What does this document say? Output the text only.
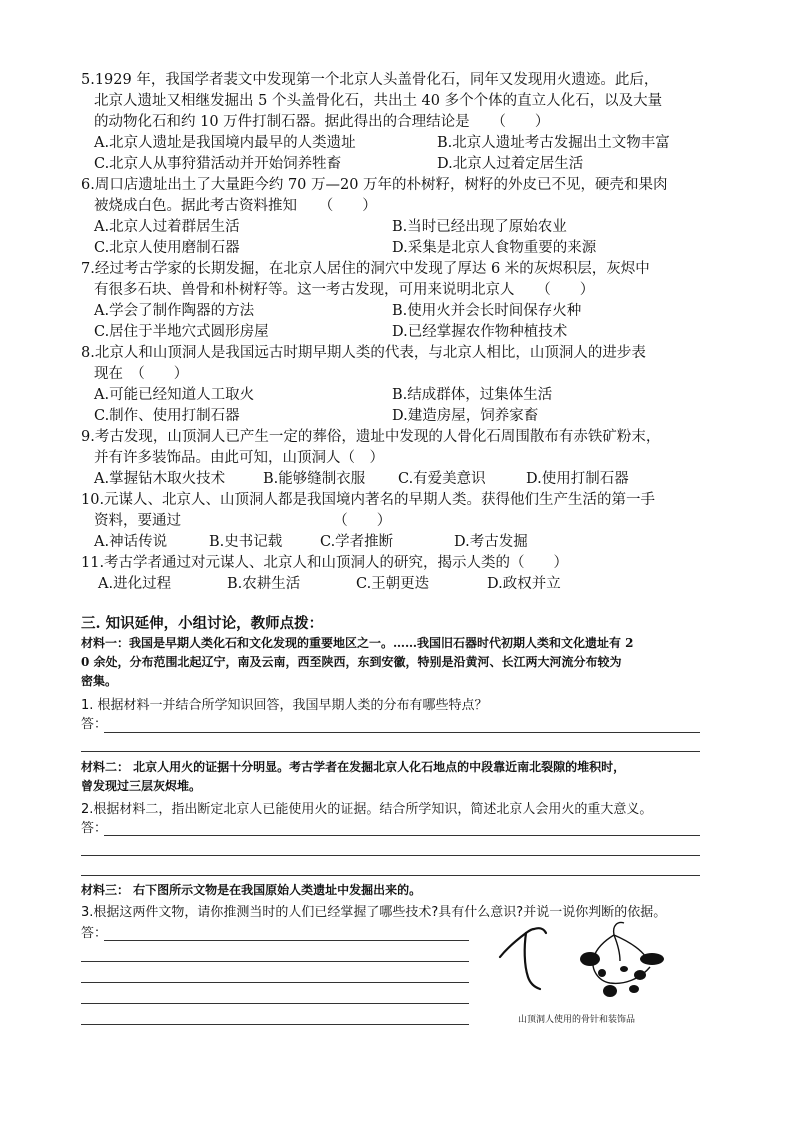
5.1929 年，我国学者裴文中发现第一个北京人头盖骨化石，同年又发现用火遗迹。此后，
北京人遗址又相继发掘出 5 个头盖骨化石，共出土 40 多个个体的直立人化石，以及大量
的动物化石和约 10 万件打制石器。据此得出的合理结论是　　（　　）
A.北京人遗址是我国境内最早的人类遗址	B.北京人遗址考古发掘出土文物丰富
C.北京人从事狩猎活动并开始饲养牲畜	D.北京人过着定居生活
6.周口店遗址出土了大量距今约 70 万—20 万年的朴树籽，树籽的外皮已不见，硬壳和果肉
被烧成白色。据此考古资料推知　　（　　）
A.北京人过着群居生活	B.当时已经出现了原始农业
C.北京人使用磨制石器	D.采集是北京人食物重要的来源
7.经过考古学家的长期发掘，在北京人居住的洞穴中发现了厚达 6 米的灰烬积层，灰烬中
有很多石块、兽骨和朴树籽等。这一考古发现，可用来说明北京人　　（　　）
A.学会了制作陶器的方法	B.使用火并会长时间保存火种
C.居住于半地穴式圆形房屋	D.已经掌握农作物种植技术
8.北京人和山顶洞人是我国远古时期早期人类的代表，与北京人相比，山顶洞人的进步表
现在　（　　）
A.可能已经知道人工取火	B.结成群体，过集体生活
C.制作、使用打制石器	D.建造房屋，饲养家畜
9.考古发现，山顶洞人已产生一定的葬俗，遗址中发现的人骨化石周围散布有赤铁矿粉末，
并有许多装饰品。由此可知，山顶洞人（　）
A.掌握钻木取火技术	B.能够缝制衣服 C.有爱美意识	D.使用打制石器
10.元谋人、北京人、山顶洞人都是我国境内著名的早期人类。获得他们生产生活的第一手
资料，要通过　　　　　　　　　　　（　　）
A.神话传说	B.史书记载	C.学者推断	D.考古发掘
11.考古学者通过对元谋人、北京人和山顶洞人的研究，揭示人类的（　　）
A.进化过程	B.农耕生活	C.王朝更迭	D.政权并立
三. 知识延伸，小组讨论，教师点拨：
材料一：我国是早期人类化石和文化发现的重要地区之一。……我国旧石器时代初期人类和文化遗址有 2
0 余处，分布范围北起辽宁，南及云南，西至陕西，东到安徽，特别是沿黄河、长江两大河流分布较为
密集。
1. 根据材料一并结合所学知识回答，我国早期人类的分布有哪些特点？
答：
材料二： 北京人用火的证据十分明显。考古学者在发掘北京人化石地点的中段靠近南北裂隙的堆积时，
曾发现过三层灰烬堆。
2.根据材料二，指出断定北京人已能使用火的证据。结合所学知识，简述北京人会用火的重大意义。
答：
材料三： 右下图所示文物是在我国原始人类遗址中发掘出来的。
3.根据这两件文物，请你推测当时的人们已经掌握了哪些技术?具有什么意识?并说一说你判断的依据。
答：
山顶洞人使用的骨针和装饰品
